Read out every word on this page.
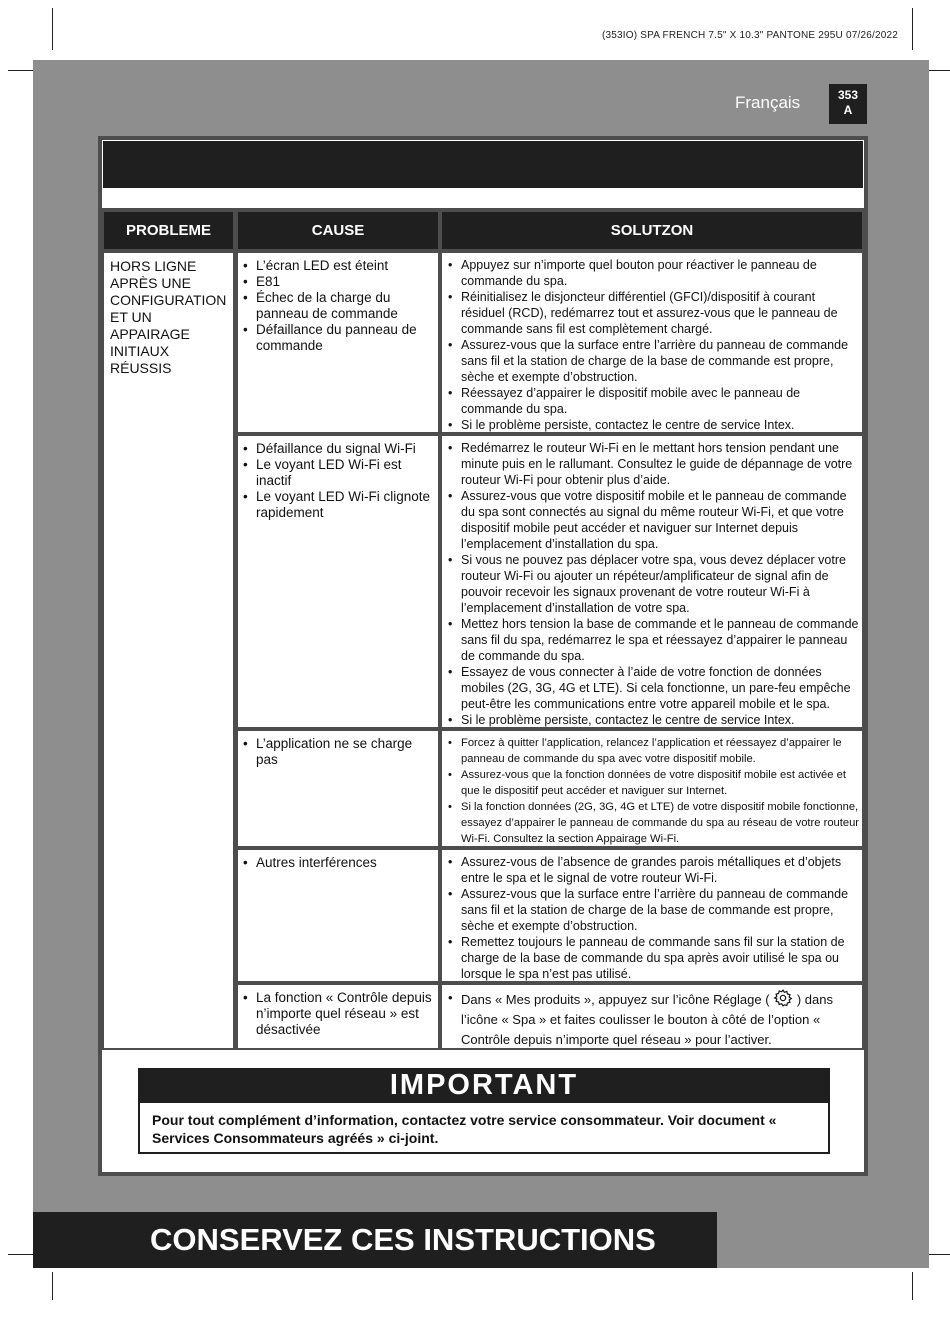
(353IO) SPA FRENCH 7.5" X 10.3" PANTONE 295U 07/26/2022
Français	353
A
PROBLEME	CAUSE	SOLUTZON
HORS LIGNE APRÈS UNE CONFIGURATION ET UN APPAIRAGE INITIAUX RÉUSSIS
• L’écran LED est éteint
• E81
• Échec de la charge du panneau de commande
• Défaillance du panneau de commande
• Appuyez sur n’importe quel bouton pour réactiver le panneau de commande du spa.
• Réinitialisez le disjoncteur différentiel (GFCI)/dispositif à courant résiduel (RCD), redémarrez tout et assurez-vous que le panneau de commande sans fil est complètement chargé.
• Assurez-vous que la surface entre l’arrière du panneau de commande sans fil et la station de charge de la base de commande est propre, sèche et exempte d’obstruction.
• Réessayez d’appairer le dispositif mobile avec le panneau de commande du spa.
• Si le problème persiste, contactez le centre de service Intex.
• Défaillance du signal Wi-Fi
• Le voyant LED Wi-Fi est inactif
• Le voyant LED Wi-Fi clignote rapidement
• Redémarrez le routeur Wi-Fi en le mettant hors tension pendant une minute puis en le rallumant. Consultez le guide de dépannage de votre routeur Wi-Fi pour obtenir plus d’aide.
• Assurez-vous que votre dispositif mobile et le panneau de commande du spa sont connectés au signal du même routeur Wi-Fi, et que votre dispositif mobile peut accéder et naviguer sur Internet depuis l’emplacement d’installation du spa.
• Si vous ne pouvez pas déplacer votre spa, vous devez déplacer votre routeur Wi-Fi ou ajouter un répéteur/amplificateur de signal afin de pouvoir recevoir les signaux provenant de votre routeur Wi-Fi à l’emplacement d’installation de votre spa.
• Mettez hors tension la base de commande et le panneau de commande sans fil du spa, redémarrez le spa et réessayez d’appairer le panneau de commande du spa.
• Essayez de vous connecter à l’aide de votre fonction de données mobiles (2G, 3G, 4G et LTE). Si cela fonctionne, un pare-feu empêche peut-être les communications entre votre appareil mobile et le spa.
• Si le problème persiste, contactez le centre de service Intex.
• L’application ne se charge pas
• Forcez à quitter l’application, relancez l’application et réessayez d’appairer le panneau de commande du spa avec votre dispositif mobile.
• Assurez-vous que la fonction données de votre dispositif mobile est activée et que le dispositif peut accéder et naviguer sur Internet.
• Si la fonction données (2G, 3G, 4G et LTE) de votre dispositif mobile fonctionne, essayez d’appairer le panneau de commande du spa au réseau de votre routeur Wi-Fi. Consultez la section Appairage Wi-Fi.
• Autres interférences
•	Assurez-vous de l’absence de grandes parois métalliques et d’objets entre le spa et le signal de votre routeur Wi-Fi.
• Assurez-vous que la surface entre l’arrière du panneau de commande sans fil et la station de charge de la base de commande est propre, sèche et exempte d’obstruction.
• Remettez toujours le panneau de commande sans fil sur la station de charge de la base de commande du spa après avoir utilisé le spa ou lorsque le spa n’est pas utilisé.
• La fonction « Contrôle depuis n’importe quel réseau » est désactivée
• Dans « Mes produits », appuyez sur l’icône Réglage ( ) dans l’icône « Spa » et faites coulisser le bouton à côté de l’option « Contrôle depuis n’importe quel réseau » pour l’activer.
IMPORTANT
Pour tout complément d’information, contactez votre service consommateur. Voir document « Services Consommateurs agréés » ci-joint.
CONSERVEZ CES INSTRUCTIONS
